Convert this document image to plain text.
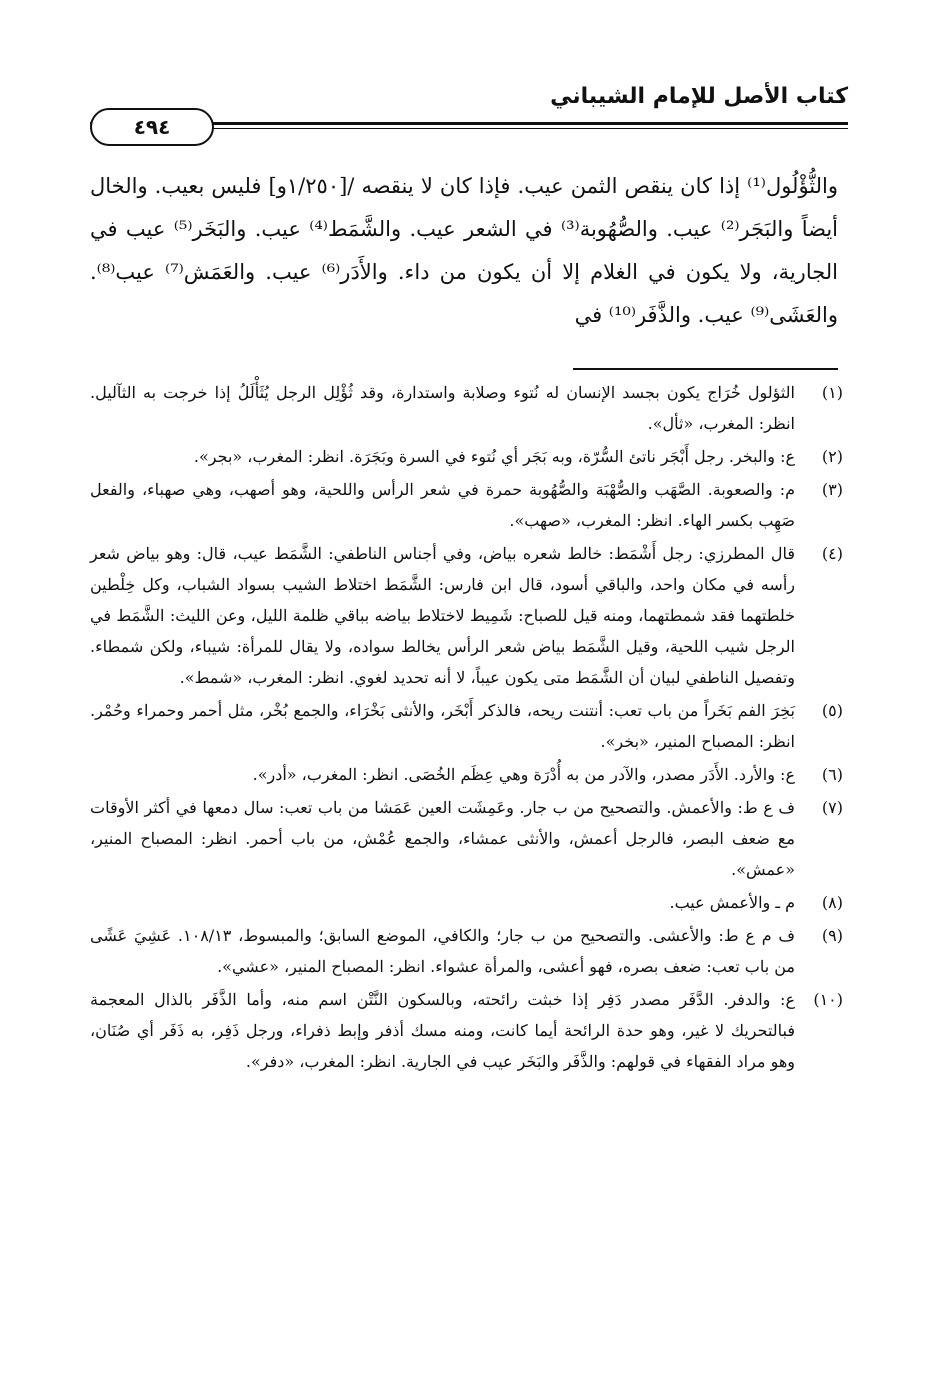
كتاب الأصل للإمام الشيباني
٤٩٤
والثُّؤْلُول⁽¹⁾ إذا كان ينقص الثمن عيب. فإذا كان لا ينقصه /[١/٢٥٠و] فليس بعيب. والخال أيضاً والبَجَر⁽²⁾ عيب. والصُّهُوبة⁽³⁾ في الشعر عيب. والشَّمَط⁽⁴⁾ عيب. والبَخَر⁽⁵⁾ عيب في الجارية، ولا يكون في الغلام إلا أن يكون من داء. والأَدَر⁽⁶⁾ عيب. والعَمَش⁽⁷⁾ عيب⁽⁸⁾. والعَشَى⁽⁹⁾ عيب. والذَّفَر⁽¹⁰⁾ في
(١)
الثؤلول خُرَاج يكون بجسد الإنسان له نُتوء وصلابة واستدارة، وقد ثُؤْلِل الرجل يُثَأْلَلُ إذا خرجت به الثآليل. انظر: المغرب، «ثأل».
(٢)
ع: والبخر. رجل أَبْجَر ناتئ السُّرّة، وبه بَجَر أي نُتوء في السرة وبَجَرَة. انظر: المغرب، «بجر».
(٣)
م: والصعوبة. الصَّهَب والصُّهْبَة والصُّهُوبة حمرة في شعر الرأس واللحية، وهو أصهب، وهي صهباء، والفعل صَهِب بكسر الهاء. انظر: المغرب، «صهب».
(٤)
قال المطرزي: رجل أَشْمَط: خالط شعره بياض، وفي أجناس الناطفي: الشَّمَط عيب، قال: وهو بياض شعر رأسه في مكان واحد، والباقي أسود، قال ابن فارس: الشَّمَط اختلاط الشيب بسواد الشباب، وكل خِلْطين خلطتهما فقد شمطتهما، ومنه قيل للصباح: شَمِيط لاختلاط بياضه بباقي ظلمة الليل، وعن الليث: الشَّمَط في الرجل شيب اللحية، وقيل الشَّمَط بياض شعر الرأس يخالط سواده، ولا يقال للمرأة: شيباء، ولكن شمطاء. وتفصيل الناطفي لبيان أن الشَّمَط متى يكون عيباً، لا أنه تحديد لغوي. انظر: المغرب، «شمط».
(٥)
بَخِرَ الفم بَخَراً من باب تعب: أنتنت ريحه، فالذكر أَبْخَر، والأنثى بَخْرَاء، والجمع بُخْر، مثل أحمر وحمراء وحُمْر. انظر: المصباح المنير، «بخر».
(٦)
ع: والأرد. الأَدَر مصدر، والآدر من به أُدْرَة وهي عِظَم الخُصَى. انظر: المغرب، «أدر».
(٧)
ف ع ط: والأعمش. والتصحيح من ب جار. وعَمِشَت العين عَمَشا من باب تعب: سال دمعها في أكثر الأوقات مع ضعف البصر، فالرجل أعمش، والأنثى عمشاء، والجمع عُمْش، من باب أحمر. انظر: المصباح المنير، «عمش».
(٨)
م ـ والأعمش عيب.
(٩)
ف م ع ط: والأعشى. والتصحيح من ب جار؛ والكافي، الموضع السابق؛ والمبسوط، ١٠٨/١٣. عَشِيَ عَشًى من باب تعب: ضعف بصره، فهو أعشى، والمرأة عشواء. انظر: المصباح المنير، «عشي».
(١٠)
ع: والدفر. الدَّفَر مصدر دَفِر إذا خبثت رائحته، وبالسكون النَّتْن اسم منه، وأما الذَّفَر بالذال المعجمة فبالتحريك لا غير، وهو حدة الرائحة أيما كانت، ومنه مسك أذفر وإبط ذفراء، ورجل ذَفِر، به ذَفَر أي صُنَان، وهو مراد الفقهاء في قولهم: والذَّفَر والبَخَر عيب في الجارية. انظر: المغرب، «دفر».
